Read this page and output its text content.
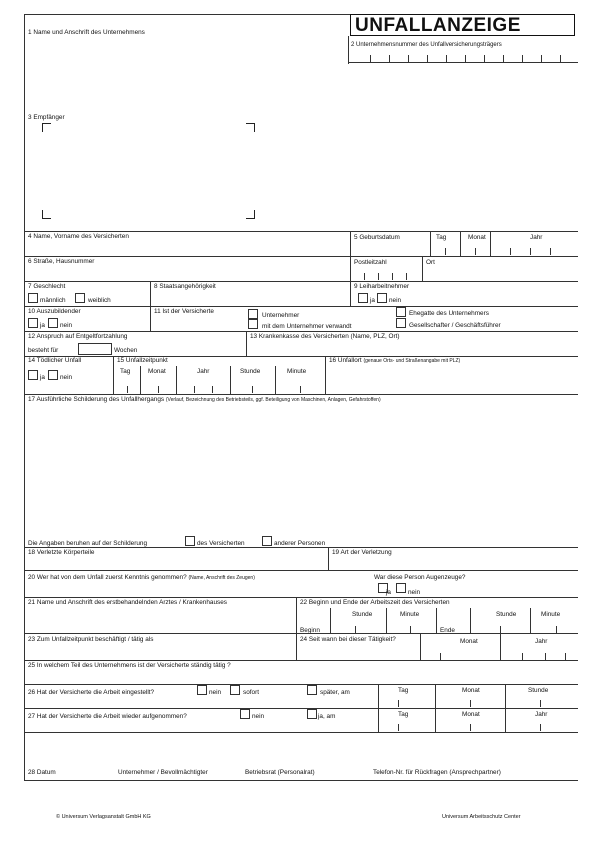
UNFALLANZEIGE
1 Name und Anschrift des Unternehmens
2 Unternehmensnummer des Unfallversicherungsträgers
3 Empfänger
4 Name, Vorname des Versicherten	5 Geburtsdatum	Tag	Monat	Jahr
6 Straße, Hausnummer	Postleitzahl	Ort
7 Geschlecht
männlich	weiblich
8 Staatsangehörigkeit	9 Leiharbeitnehmer
ja nein
10 Auszubildender
ja nein
11 Ist der Versicherte
Unternehmer
mit dem Unternehmer verwandt
Ehegatte des Unternehmers
Gesellschafter / Geschäftsführer
12 Anspruch auf Entgeltfortzahlung
besteht für	Wochen
13 Krankenkasse des Versicherten (Name, PLZ, Ort)
14 Tödlicher Unfall
ja nein
15 Unfallzeitpunkt
Tag	Monat	Jahr	Stunde	Minute
16 Unfallort (genaue Orts- und Straßenangabe mit PLZ)
17 Ausführliche Schilderung des Unfallhergangs (Verlauf, Bezeichnung des Betriebsteils, ggf. Beteiligung von Maschinen, Anlagen, Gefahrstoffen)
Die Angaben beruhen auf der Schilderung	des Versicherten	anderer Personen
18 Verletzte Körperteile	19 Art der Verletzung
20 Wer hat von dem Unfall zuerst Kenntnis genommen? (Name, Anschrift des Zeugen)	War diese Person Augenzeuge?
ja	nein
21 Name und Anschrift des erstbehandelnden Arztes / Krankenhauses	22 Beginn und Ende der Arbeitszeit des Versicherten
Stunde	Minute	Stunde	Minute
Beginn	Ende
23 Zum Unfallzeitpunkt beschäftigt / tätig als	24 Seit wann bei dieser Tätigkeit?	Monat	Jahr
25 In welchem Teil des Unternehmens ist der Versicherte ständig tätig ?
26 Hat der Versicherte die Arbeit eingestellt?	nein	sofort	später, am	Tag	Monat	Stunde
27 Hat der Versicherte die Arbeit wieder aufgenommen?	nein	ja, am	Tag	Monat	Jahr
28 Datum	Unternehmer / Bevollmächtigter	Betriebsrat (Personalrat)	Telefon-Nr. für Rückfragen (Ansprechpartner)
© Universum Verlagsanstalt GmbH KG	Universum Arbeitsschutz Center
